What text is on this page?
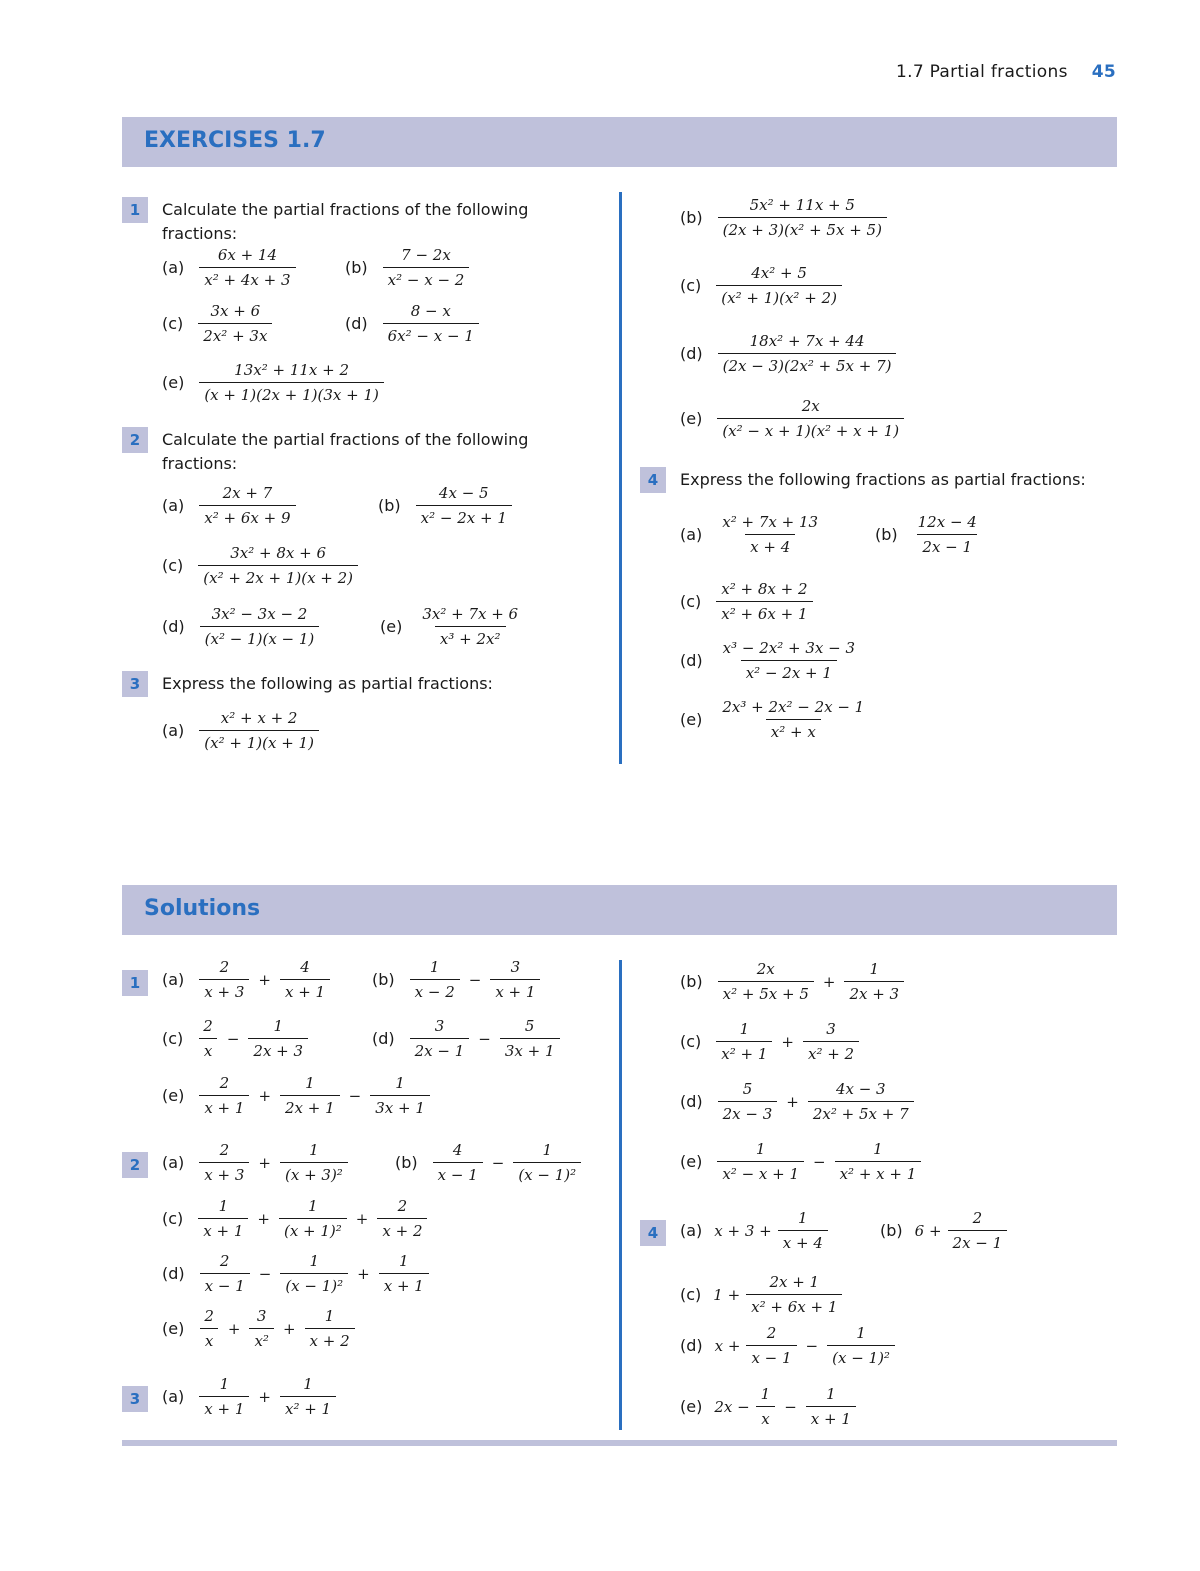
1.7 Partial fractions 45
EXERCISES 1.7
1	Calculate the partial fractions of the following fractions:
$(a) \frac{6x + 14}{\text{x² + 4x + 3}}$	$(b) \frac{7 - 2x}{\text{x² − x − 2}}$
$(c) \frac{3x + 6}{\text{2x² + 3x}}$	$(d) \frac{8 - x}{\text{6x² − x − 1}}$
$(e) \frac{\text{13x² + 11x + 2}}{(x + 1)(2x + 1)(3x + 1)}$
2	Calculate the partial fractions of the following fractions:
$(a) \frac{2x + 7}{\text{x² + 6x + 9}}$	$(b) \frac{4x - 5}{\text{x² − 2x + 1}}$
$(c) \frac{\text{3x² + 8x + 6}}{\text{(x² + 2x + 1)(x + 2)}}$
$(d) \frac{\text{3x² − 3x − 2}}{\text{(x² − 1)(x − 1)}}$	$(e) \frac{\text{3x² + 7x + 6}}{\text{x³ + 2x²}}$
3	Express the following as partial fractions:
$(a) \frac{\text{x² + x + 2}}{\text{(x² + 1)(x + 1)}}$
$(b) \frac{\text{5x² + 11x + 5}}{\text{(2x + 3)(x² + 5x + 5)}}$
$(c) \frac{\text{4x² + 5}}{\text{(x² + 1)(x² + 2)}}$
$(d) \frac{\text{18x² + 7x + 44}}{\text{(2x − 3)(2x² + 5x + 7)}}$
$(e) \frac{2x}{\text{(x² − x + 1)(x² + x + 1)}}$
4	Express the following fractions as partial fractions:
$(a) \frac{\text{x² + 7x + 13}}{x + 4}$	$(b) \frac{12x - 4}{2x - 1}$
$(c) \frac{\text{x² + 8x + 2}}{\text{x² + 6x + 1}}$
$(d) \frac{\text{x³ − 2x² + 3x − 3}}{\text{x² − 2x + 1}}$
$(e) \frac{\text{2x³ + 2x² − 2x − 1}}{\text{x² + x}}$
Solutions
1	$(a) \frac{2}{x + 3} + \frac{4}{x + 1}$	$(b) \frac{1}{x - 2} - \frac{3}{x + 1}$
$(c) \frac{2}{x} - \frac{1}{2x + 3}$	$(d) \frac{3}{2x - 1} - \frac{5}{3x + 1}$
$(e) \frac{2}{x + 1} + \frac{1}{2x + 1} - \frac{1}{3x + 1}$
2	$(a) \frac{2}{x + 3} + \frac{1}{\text{(x + 3)²}}$	$(b) \frac{4}{x - 1} - \frac{1}{\text{(x − 1)²}}$
$(c) \frac{1}{x + 1} + \frac{1}{\text{(x + 1)²}} + \frac{2}{x + 2}$
$(d) \frac{2}{x - 1} - \frac{1}{\text{(x − 1)²}} + \frac{1}{x + 1}$
$(e) \frac{2}{x} + \frac{3}{\text{x²}} + \frac{1}{x + 2}$
3	$(a) \frac{1}{x + 1} + \frac{1}{\text{x² + 1}}$
$(b) \frac{2x}{\text{x² + 5x + 5}} + \frac{1}{2x + 3}$
$(c) \frac{1}{\text{x² + 1}} + \frac{3}{\text{x² + 2}}$
$(d) \frac{5}{2x - 3} + \frac{4x - 3}{\text{2x² + 5x + 7}}$
$(e) \frac{1}{\text{x² − x + 1}} - \frac{1}{\text{x² + x + 1}}$
4	(a) $x + 3 + \frac{1}{x + 4}$	(b) $6 + \frac{2}{2x - 1}$
(c) $1 + \frac{2x + 1}{\text{x² + 6x + 1}}$
(d) $x + \frac{2}{x - 1} - \frac{1}{\text{(x − 1)²}}$
(e) $2x - \frac{1}{x} - \frac{1}{x + 1}$
